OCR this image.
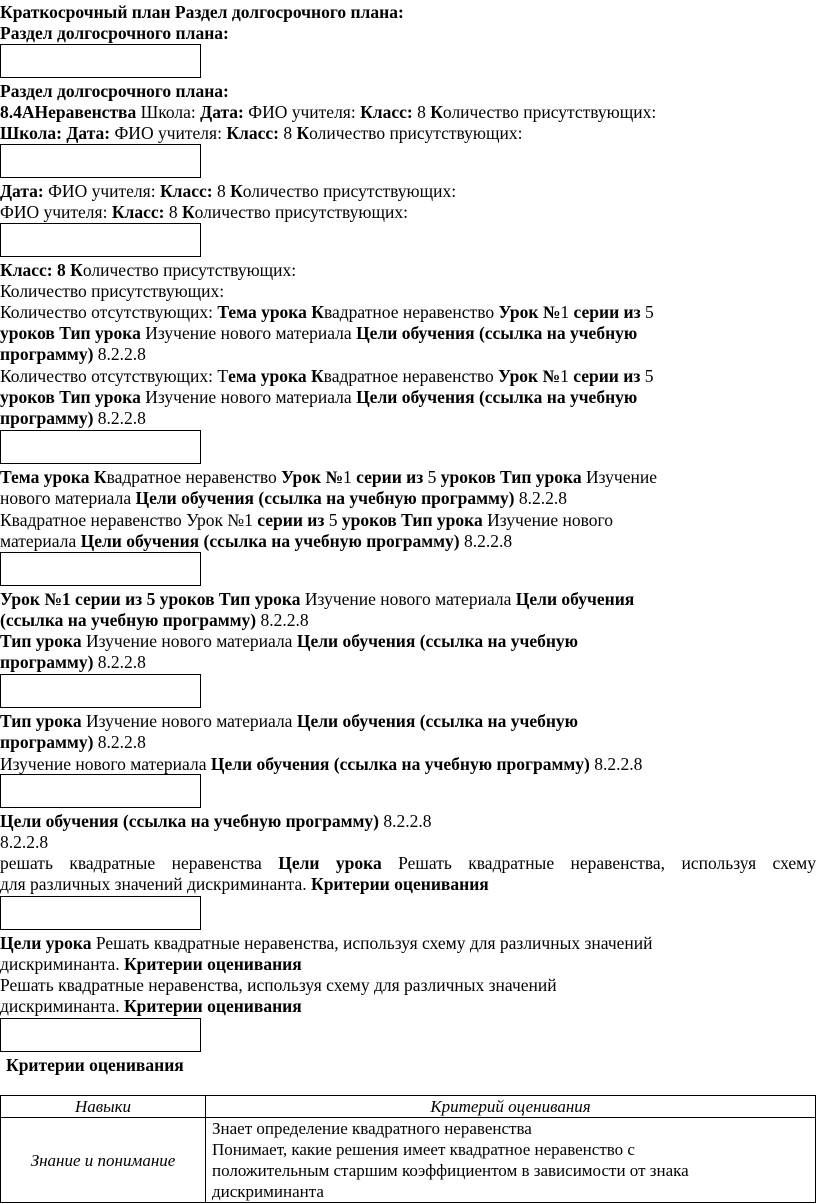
Краткосрочный план Раздел долгосрочного плана:
Раздел долгосрочного плана:
Раздел долгосрочного плана:
8.4АНеравенства Школа: Дата: ФИО учителя: Класс: 8 Количество присутствующих:
Школа: Дата: ФИО учителя: Класс: 8 Количество присутствующих:
Дата: ФИО учителя: Класс: 8 Количество присутствующих:
ФИО учителя: Класс: 8 Количество присутствующих:
Класс: 8 Количество присутствующих:
Количество присутствующих:
Количество отсутствующих: Тема урока Квадратное неравенство Урок №1 серии из 5
уроков Тип урока Изучение нового материала Цели обучения (ссылка на учебную
программу) 8.2.2.8
Количество отсутствующих: Тема урока Квадратное неравенство Урок №1 серии из 5
уроков Тип урока Изучение нового материала Цели обучения (ссылка на учебную
программу) 8.2.2.8
Тема урока Квадратное неравенство Урок №1 серии из 5 уроков Тип урока Изучение
нового материала Цели обучения (ссылка на учебную программу) 8.2.2.8
Квадратное неравенство Урок №1 серии из 5 уроков Тип урока Изучение нового
материала Цели обучения (ссылка на учебную программу) 8.2.2.8
Урок №1 серии из 5 уроков Тип урока Изучение нового материала Цели обучения
(ссылка на учебную программу) 8.2.2.8
Тип урока Изучение нового материала Цели обучения (ссылка на учебную
программу) 8.2.2.8
Тип урока Изучение нового материала Цели обучения (ссылка на учебную
программу) 8.2.2.8
Изучение нового материала Цели обучения (ссылка на учебную программу) 8.2.2.8
Цели обучения (ссылка на учебную программу) 8.2.2.8
8.2.2.8
решать квадратные неравенства Цели урока Решать квадратные неравенства, используя схему
для различных значений дискриминанта. Критерии оценивания
Цели урока Решать квадратные неравенства, используя схему для различных значений
дискриминанта. Критерии оценивания
Решать квадратные неравенства, используя схему для различных значений
дискриминанта. Критерии оценивания
Критерии оценивания
Навыки	Критерий оценивания
Знание и понимание	Знает определение квадратного неравенства
Понимает, какие решения имеет квадратное неравенство с
положительным старшим коэффициентом в зависимости от знака
дискриминанта
